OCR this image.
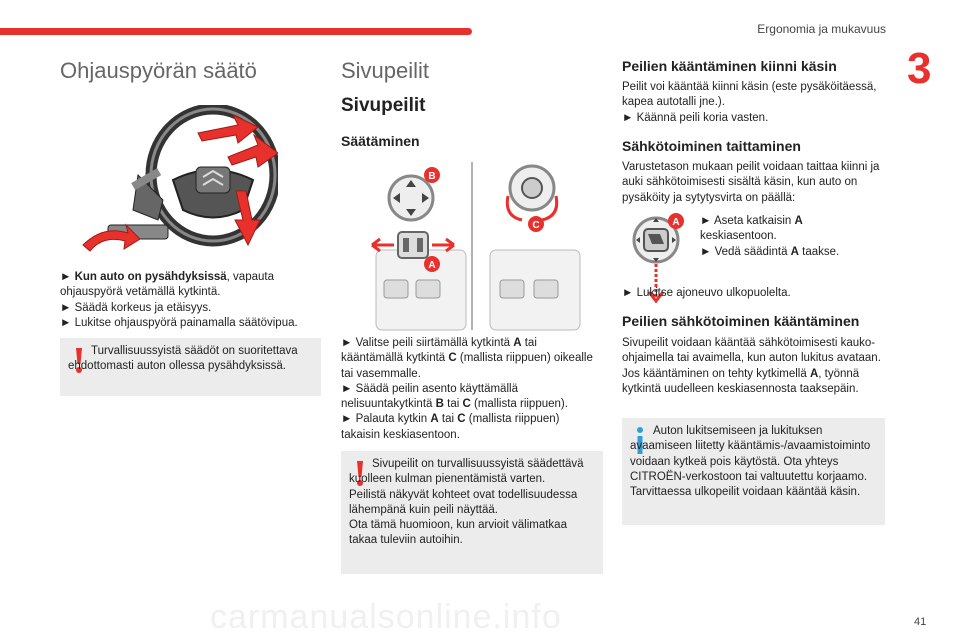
Ergonomia ja mukavuus
3
Ohjauspyörän säätö

► Kun auto on pysähdyksissä, vapauta ohjauspyörä vetämällä kytkintä.

► Säädä korkeus ja etäisyys.

► Lukitse ohjauspyörä painamalla säätövipua.

Turvallisuussyistä säädöt on suoritettava ehdottomasti auton ollessa pysähdyksissä.
Sivupeilit
Sivupeilit
Säätäminen
B
A
C

► Valitse peili siirtämällä kytkintä A tai kääntämällä kytkintä C (mallista riippuen) oikealle tai vasemmalle.

► Säädä peilin asento käyttämällä nelisuuntakytkintä B tai C (mallista riippuen).

► Palauta kytkin A tai C (mallista riippuen) takaisin keskiasentoon.

Sivupeilit on turvallisuussyistä säädettävä kuolleen kulman pienentämistä varten.

Peilistä näkyvät kohteet ovat todellisuudessa lähempänä kuin peili näyttää.

Ota tämä huomioon, kun arvioit välimatkaa takaa tuleviin autoihin.

Peilien kääntäminen kiinni käsin

Peilit voi kääntää kiinni käsin (este pysäköitäessä, kapea autotalli jne.).

► Käännä peili koria vasten.

Sähkötoiminen taittaminen
Varustetason mukaan peilit voidaan taittaa kiinni ja auki sähkötoimisesti sisältä käsin, kun auto on pysäköity ja sytytysvirta on päällä:
A ► Aseta katkaisin A
keskiasentoon.

► Vedä säädintä A taakse.

► Lukitse ajoneuvo ulkopuolelta.
Peilien sähkötoiminen kääntäminen
Sivupeilit voidaan kääntää sähkötoimisesti kauko-ohjaimella tai avaimella, kun auton lukitus avataan. Jos kääntäminen on tehty kytkimellä A, työnnä kytkintä uudelleen keskiasennosta taaksepäin.

Auton lukitsemiseen ja lukituksen avaamiseen liitetty kääntämis-/avaamistoiminto voidaan kytkeä pois käytöstä. Ota yhteys CITROËN-verkostoon tai valtuutettu korjaamo.

Tarvittaessa ulkopeilit voidaan kääntää käsin.

carmanualsonline.info	41
